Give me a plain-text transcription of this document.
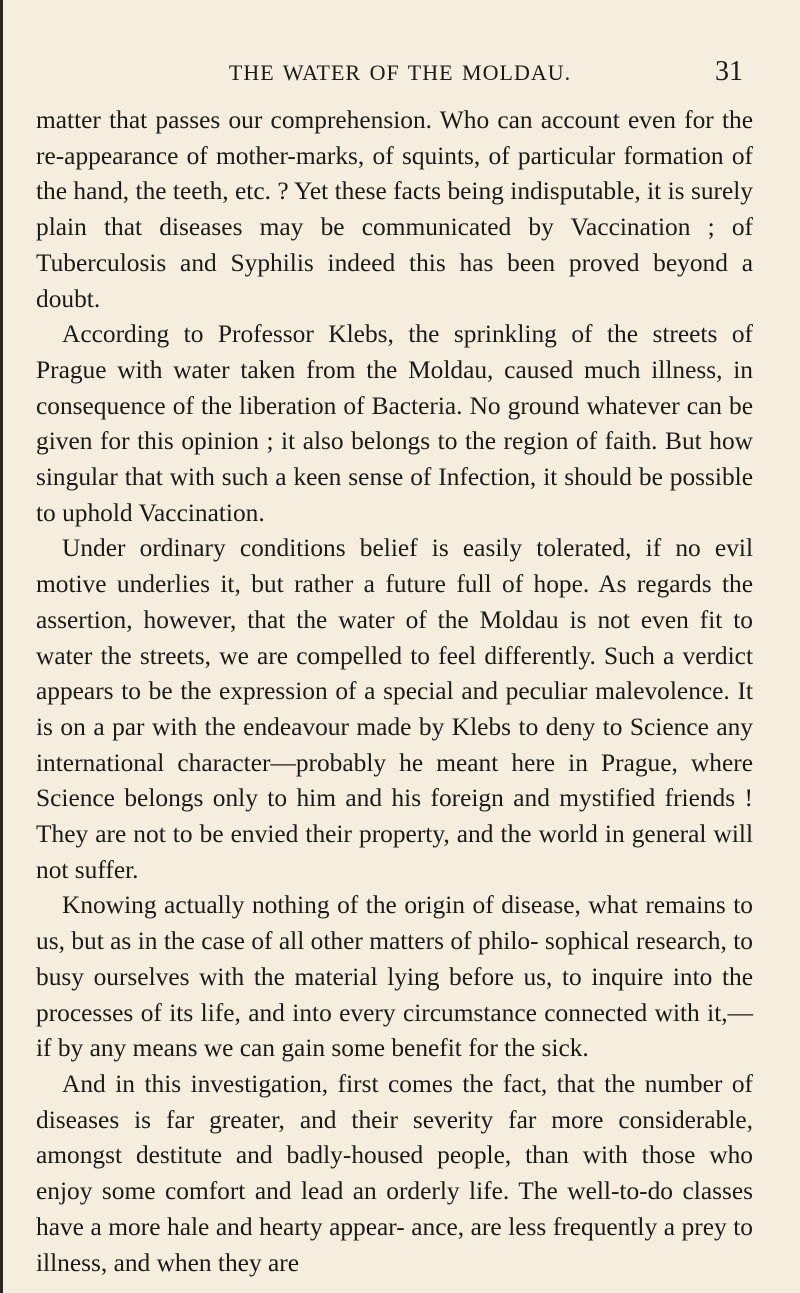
THE WATER OF THE MOLDAU.	31

matter that passes our comprehension. Who can account even for the re-appearance of mother-marks, of squints, of particular formation of the hand, the teeth, etc. ? Yet these facts being indisputable, it is surely plain that diseases may be communicated by Vaccination ; of Tuberculosis and Syphilis indeed this has been proved beyond a doubt.

According to Professor Klebs, the sprinkling of the streets of Prague with water taken from the Moldau, caused much illness, in consequence of the liberation of Bacteria. No ground whatever can be given for this opinion ; it also belongs to the region of faith. But how singular that with such a keen sense of Infection, it should be possible to uphold Vaccination.

Under ordinary conditions belief is easily tolerated, if no evil motive underlies it, but rather a future full of hope. As regards the assertion, however, that the water of the Moldau is not even fit to water the streets, we are compelled to feel differently. Such a verdict appears to be the expression of a special and peculiar malevolence. It is on a par with the endeavour made by Klebs to deny to Science any international character—probably he meant here in Prague, where Science belongs only to him and his foreign and mystified friends ! They are not to be envied their property, and the world in general will not suffer.

Knowing actually nothing of the origin of disease, what remains to us, but as in the case of all other matters of philo- sophical research, to busy ourselves with the material lying before us, to inquire into the processes of its life, and into every circumstance connected with it,—if by any means we can gain some benefit for the sick.

And in this investigation, first comes the fact, that the number of diseases is far greater, and their severity far more considerable, amongst destitute and badly-housed people, than with those who enjoy some comfort and lead an orderly life. The well-to-do classes have a more hale and hearty appear- ance, are less frequently a prey to illness, and when they are
